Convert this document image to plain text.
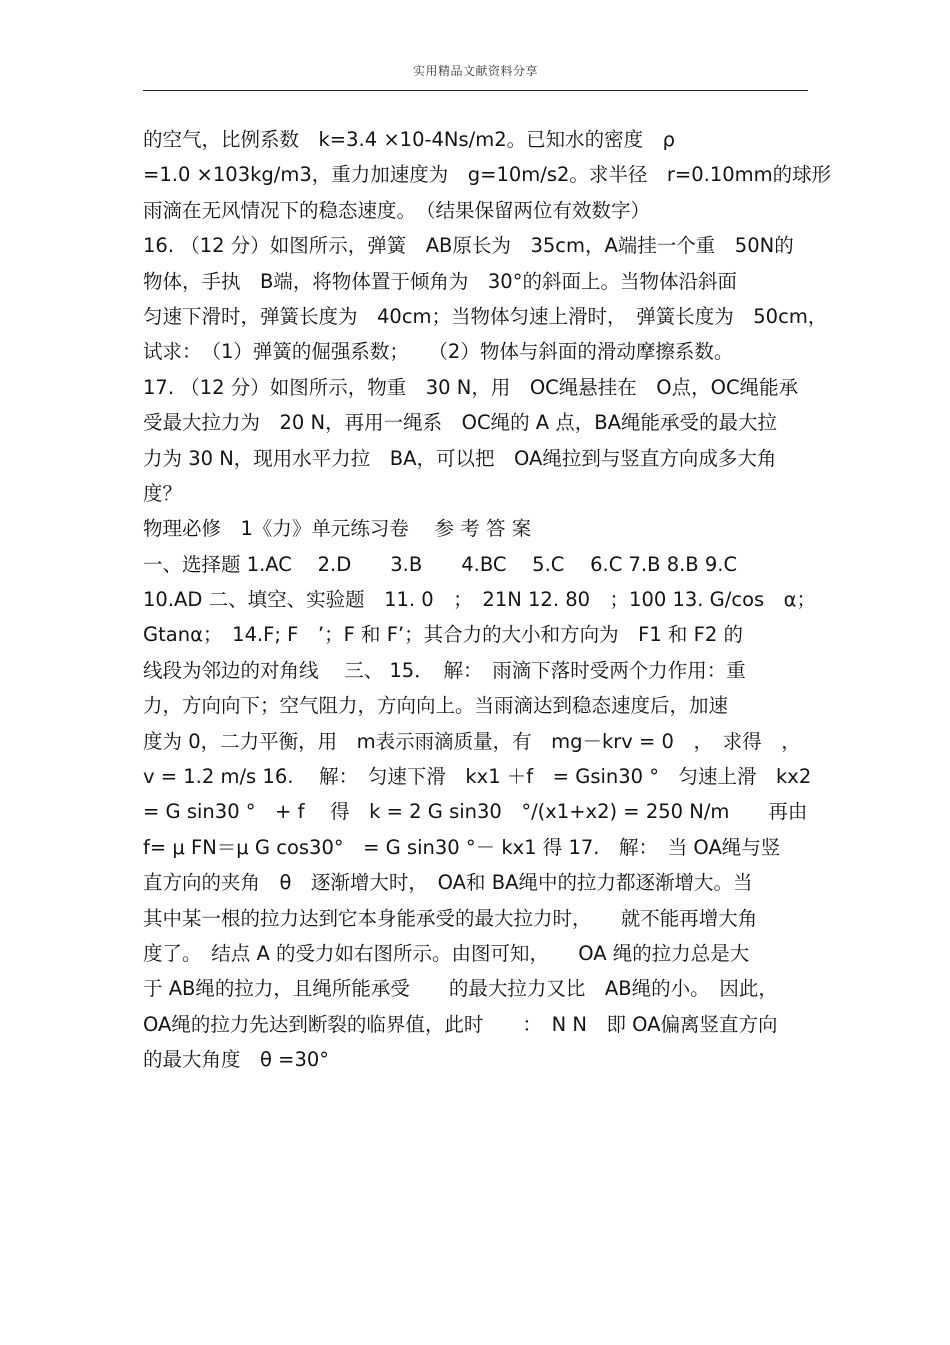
实用精品文献资料分享
的空气，比例系数　k=3.4 ×10-4Ns/m2。已知水的密度　ρ
=1.0 ×103kg/m3，重力加速度为　g=10m/s2。求半径　r=0.10mm的球形
雨滴在无风情况下的稳态速度。　（结果保留两位有效数字）
16. （12 分）如图所示，弹簧　AB原长为　35cm，A端挂一个重　50N的
物体，手执　B端，将物体置于倾角为　30°的斜面上。当物体沿斜面
匀速下滑时，弹簧长度为　40cm；当物体匀速上滑时，　弹簧长度为　50cm，
试求：　（1）弹簧的倔强系数；　　（2）物体与斜面的滑动摩擦系数。
17. （12 分）如图所示，物重　30 N，用　OC绳悬挂在　O点，OC绳能承
受最大拉力为　20 N，再用一绳系　OC绳的 A 点，BA绳能承受的最大拉
力为 30 N，现用水平力拉　BA，可以把　OA绳拉到与竖直方向成多大角
度？
物理必修　1《力》单元练习卷　 参 考 答 案
一、选择题 1.AC　 2.D　　3.B　　4.BC　 5.C　 6.C 7.B 8.B 9.C
10.AD 二、填空、实验题　11. 0　；　21N 12. 80　；100 13. G/cos　α；
Gtanα；　14.F; F　’；F 和 F’；其合力的大小和方向为　F1 和 F2 的
线段为邻边的对角线　 三、 15．　解：　雨滴下落时受两个力作用：重
力，方向向下；空气阻力，方向向上。当雨滴达到稳态速度后，加速
度为 0，二力平衡，用　m表示雨滴质量，有　mg－krv = 0　，　求得　，
v = 1.2 m/s 16.　 解：　匀速下滑　kx1 ＋f　= Gsin30 °　匀速上滑　kx2
= G sin30 °　+ f　 得　k = 2 G sin30　°/(x1+x2) = 250 N/m　　再由
f= μ FN＝μ G cos30°　= G sin30 °－ kx1 得 17.　解：　当 OA绳与竖
直方向的夹角　θ　逐渐增大时，　OA和 BA绳中的拉力都逐渐增大。当
其中某一根的拉力达到它本身能承受的最大拉力时，　　就不能再增大角
度了。　结点 A 的受力如右图所示。由图可知，　　OA 绳的拉力总是大
于 AB绳的拉力，且绳所能承受　　的最大拉力又比　AB绳的小。　因此，
OA绳的拉力先达到断裂的临界值，此时　　：　N N　即 OA偏离竖直方向
的最大角度　θ =30°
